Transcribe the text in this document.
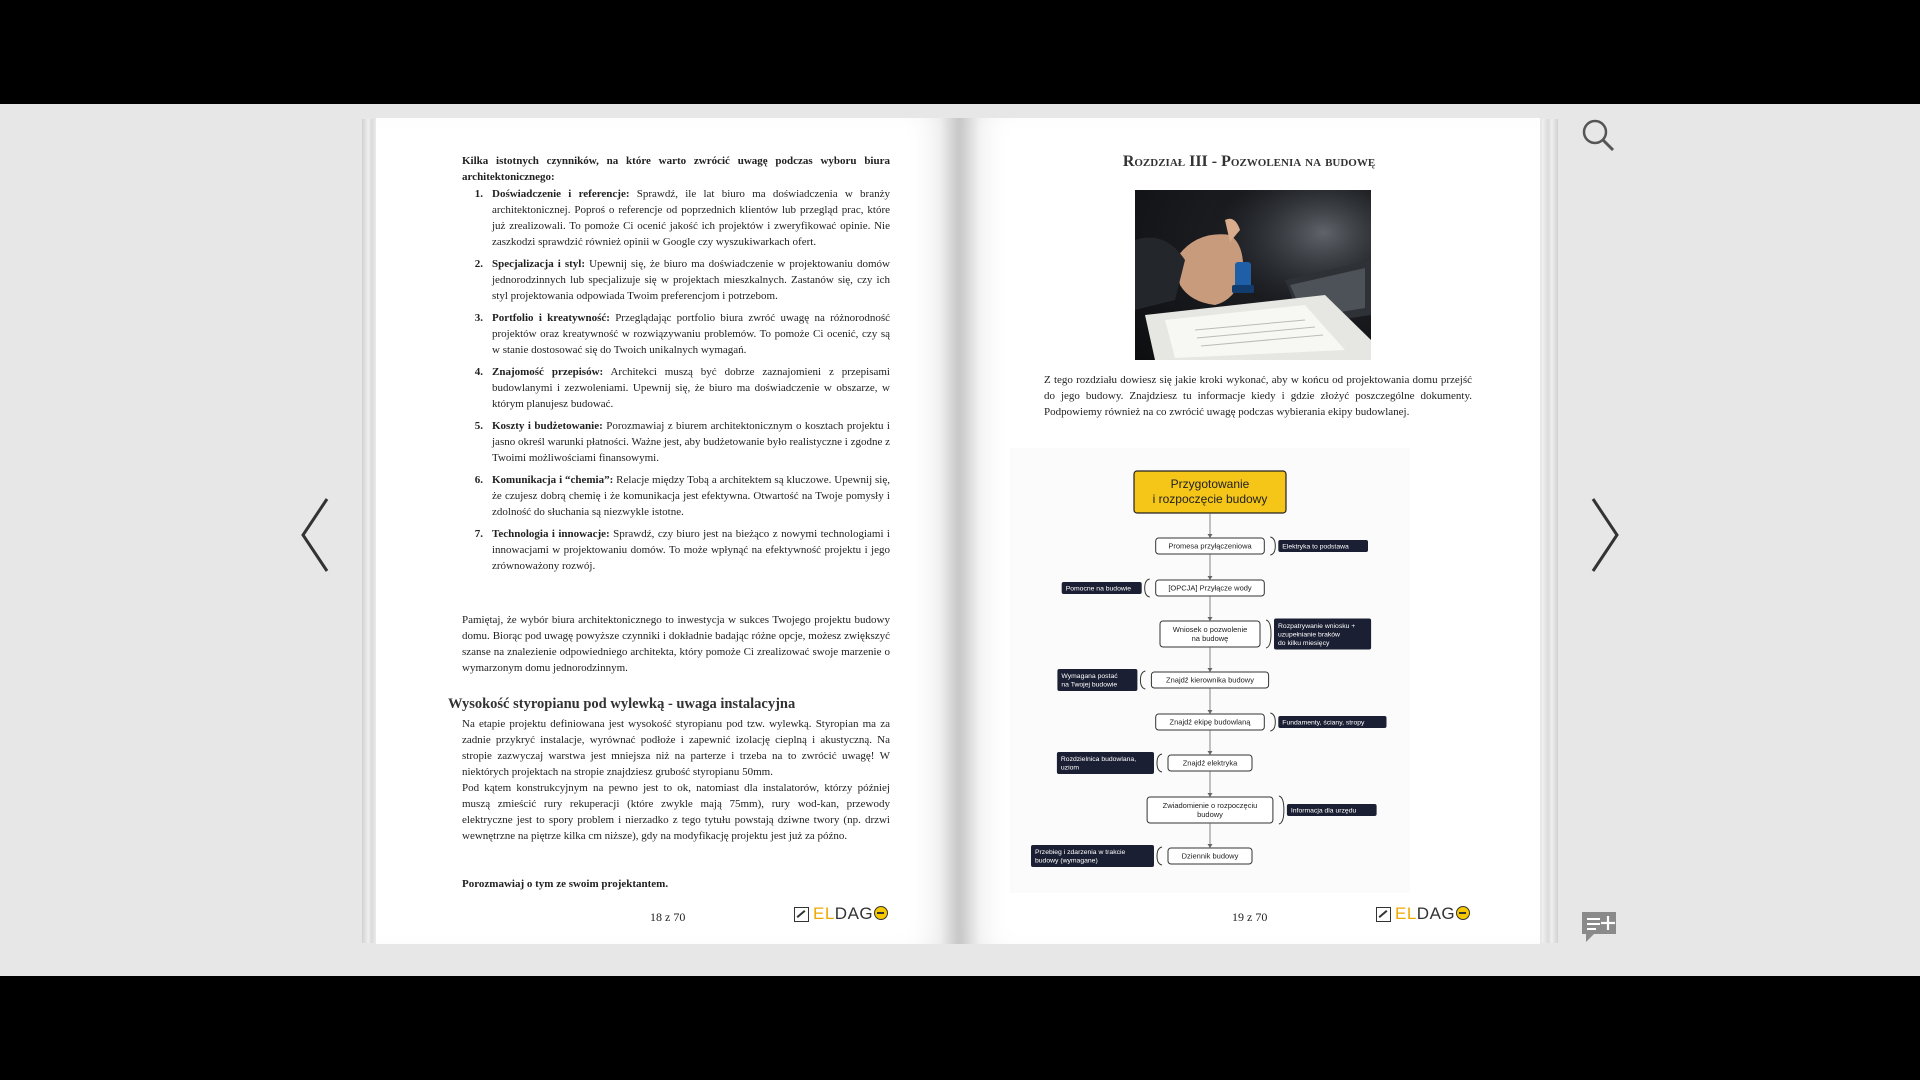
Kilka istotnych czynników, na które warto zwrócić uwagę podczas wyboru biura architektonicznego:
1. Doświadczenie i referencje: Sprawdź, ile lat biuro ma doświadczenia w branży architektonicznej. Poproś o referencje od poprzednich klientów lub przegląd prac, które już zrealizowali. To pomoże Ci ocenić jakość ich projektów i zweryfikować opinie. Nie zaszkodzi sprawdzić również opinii w Google czy wyszukiwarkach ofert.
2. Specjalizacja i styl: Upewnij się, że biuro ma doświadczenie w projektowaniu domów jednorodzinnych lub specjalizuje się w projektach mieszkalnych. Zastanów się, czy ich styl projektowania odpowiada Twoim preferencjom i potrzebom.
3. Portfolio i kreatywność: Przeglądając portfolio biura zwróć uwagę na różnorodność projektów oraz kreatywność w rozwiązywaniu problemów. To pomoże Ci ocenić, czy są w stanie dostosować się do Twoich unikalnych wymagań.
4. Znajomość przepisów: Architekci muszą być dobrze zaznajomieni z przepisami budowlanymi i zezwoleniami. Upewnij się, że biuro ma doświadczenie w obszarze, w którym planujesz budować.
5. Koszty i budżetowanie: Porozmawiaj z biurem architektonicznym o kosztach projektu i jasno określ warunki płatności. Ważne jest, aby budżetowanie było realistyczne i zgodne z Twoimi możliwościami finansowymi.
6. Komunikacja i “chemia”: Relacje między Tobą a architektem są kluczowe. Upewnij się, że czujesz dobrą chemię i że komunikacja jest efektywna. Otwartość na Twoje pomysły i zdolność do słuchania są niezwykle istotne.
7. Technologia i innowacje: Sprawdź, czy biuro jest na bieżąco z nowymi technologiami i innowacjami w projektowaniu domów. To może wpłynąć na efektywność projektu i jego zrównoważony rozwój.
Pamiętaj, że wybór biura architektonicznego to inwestycja w sukces Twojego projektu budowy domu. Biorąc pod uwagę powyższe czynniki i dokładnie badając różne opcje, możesz zwiększyć szanse na znalezienie odpowiedniego architekta, który pomoże Ci zrealizować swoje marzenie o wymarzonym domu jednorodzinnym.
Wysokość styropianu pod wylewką - uwaga instalacyjna
Na etapie projektu definiowana jest wysokość styropianu pod tzw. wylewką. Styropian ma za zadnie przykryć instalacje, wyrównać podłoże i zapewnić izolację cieplną i akustyczną. Na stropie zazwyczaj warstwa jest mniejsza niż na parterze i trzeba na to zwrócić uwagę! W niektórych projektach na stropie znajdziesz grubość styropianu 50mm.
Pod kątem konstrukcyjnym na pewno jest to ok, natomiast dla instalatorów, którzy później muszą zmieścić rury rekuperacji (które zwykle mają 75mm), rury wod-kan, przewody elektryczne jest to spory problem i nierzadko z tego tytułu powstają dziwne twory (np. drzwi wewnętrzne na piętrze kilka cm niższe), gdy na modyfikację projektu jest już za późno.
Porozmawiaj o tym ze swoim projektantem.
18 z 70	ELDAG
Rozdział III - Pozwolenia na budowę
Z tego rozdziału dowiesz się jakie kroki wykonać, aby w końcu od projektowania domu przejść do jego budowy. Znajdziesz tu informacje kiedy i gdzie złożyć poszczególne dokumenty. Podpowiemy również na co zwrócić uwagę podczas wybierania ekipy budowlanej.
Przygotowanie
i rozpoczęcie budowy
Promesa przyłączeniowa	Elektryka to podstawa
[OPCJA] Przyłącze wody
Pomocne na budowie
Wniosek o pozwolenie
na budowę
Rozpatrywanie wniosku +
uzupełnianie braków
do kilku miesięcy
Znajdź kierownika budowy
Wymagana postać
na Twojej budowie
Znajdź ekipę budowlaną	Fundamenty, ściany, stropy
Znajdź elektryka
Rozdzielnica budowlana,
uziom
Zwiadomienie o rozpoczęciu
budowy	Informacja dla urzędu
Dziennik budowy
Przebieg i zdarzenia w trakcie
budowy (wymagane)
19 z 70	ELDAG
